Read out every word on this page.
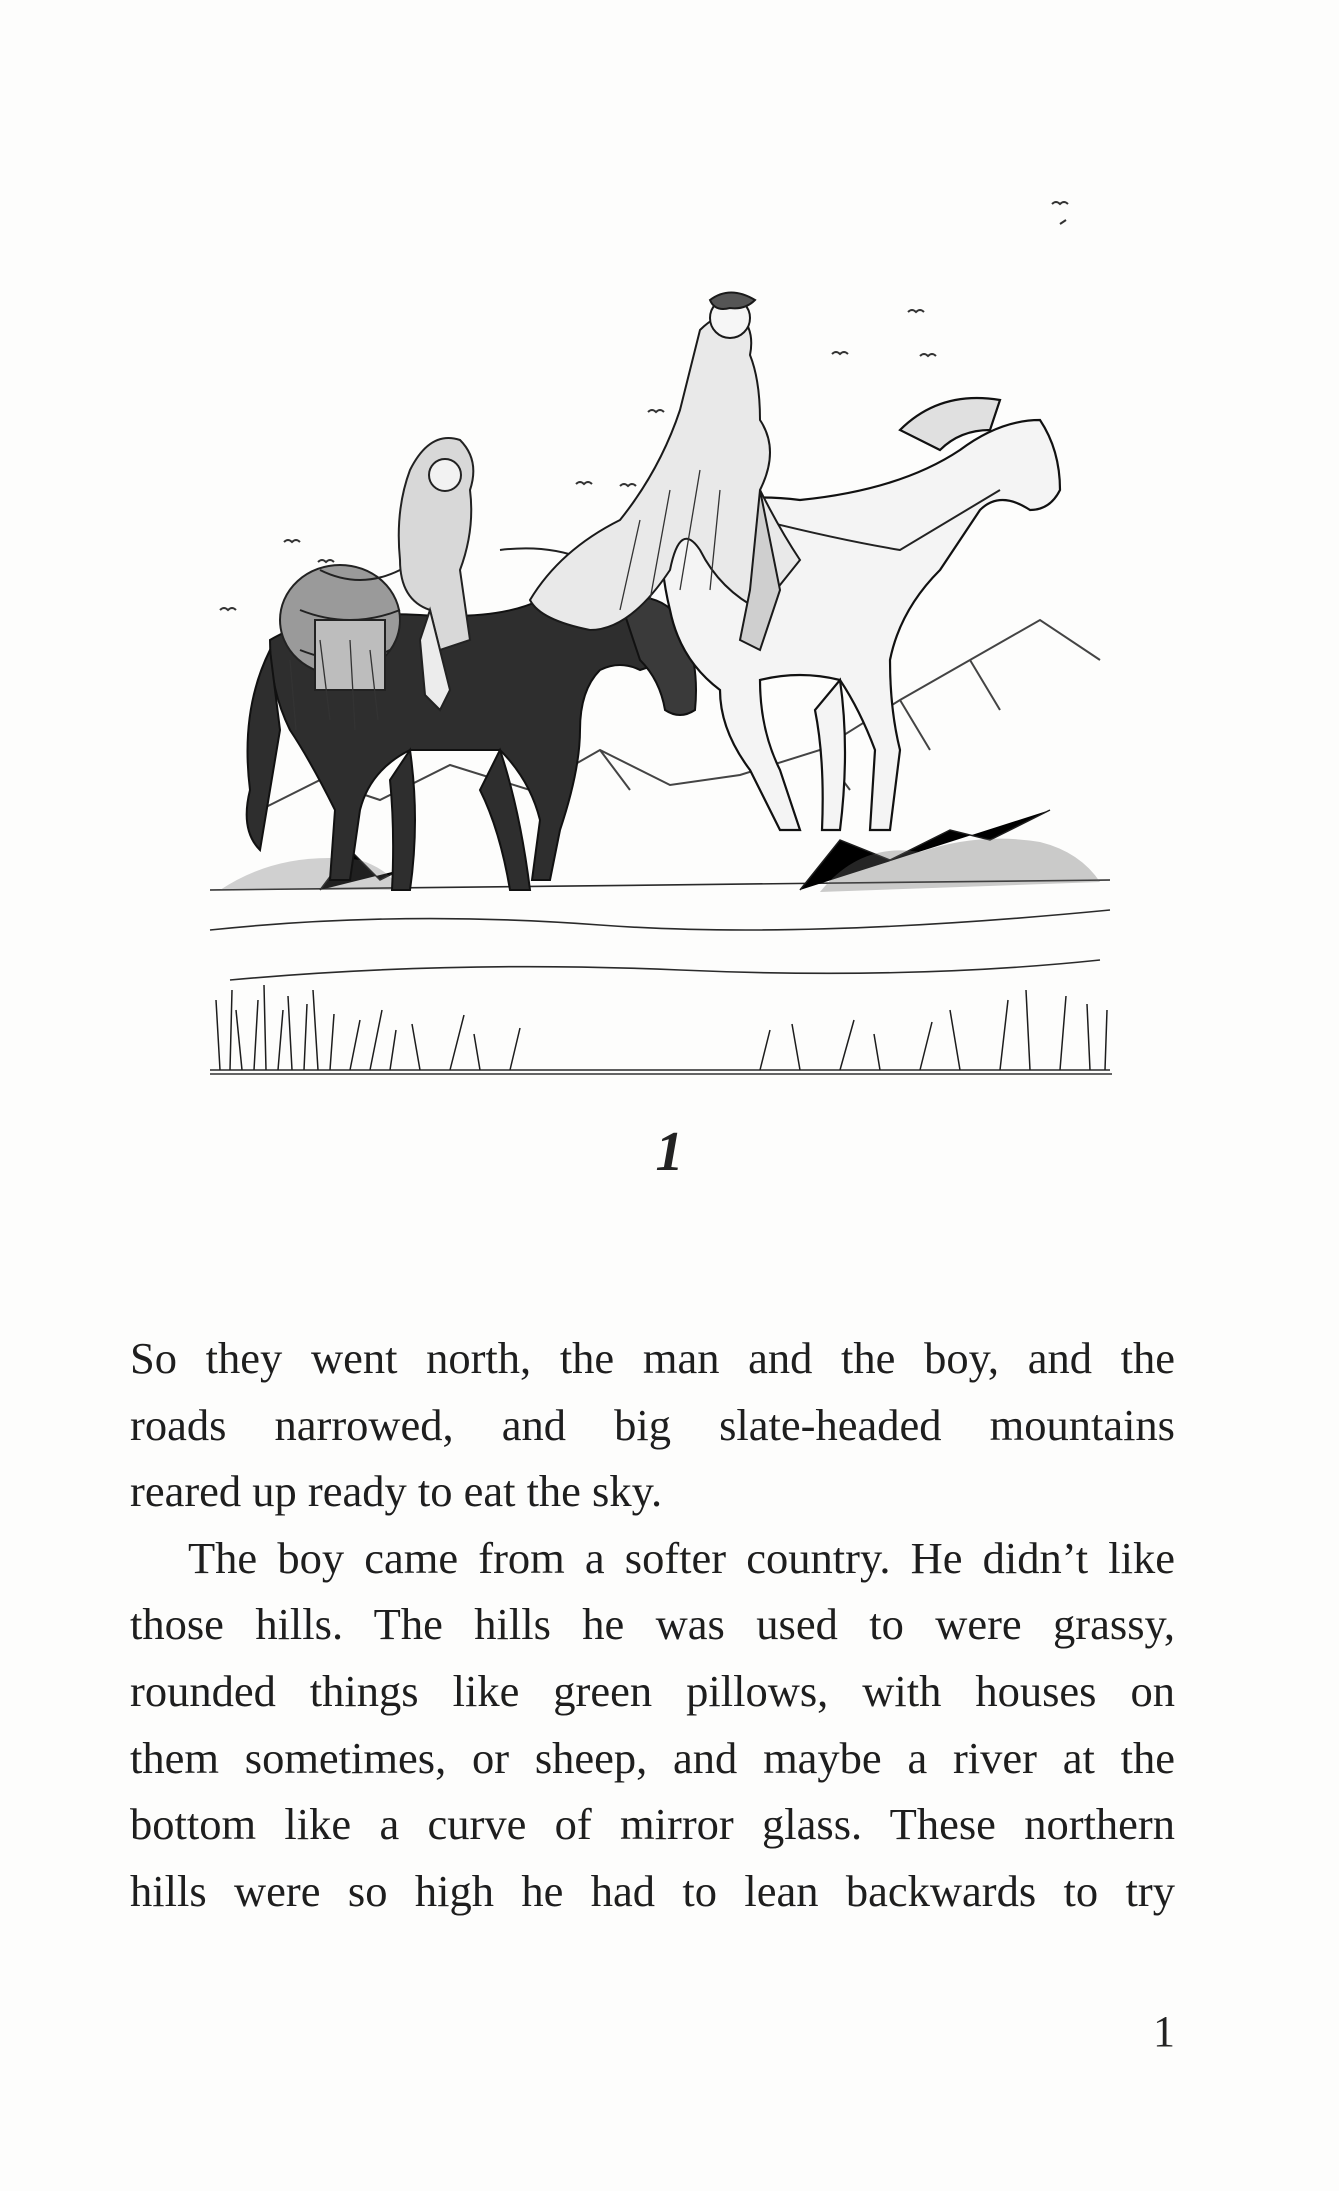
1
So they went north, the man and the boy, and the
roads narrowed, and big slate-headed mountains
reared up ready to eat the sky.
The boy came from a softer country. He didn’t like
those hills. The hills he was used to were grassy,
rounded things like green pillows, with houses on
them sometimes, or sheep, and maybe a river at the
bottom like a curve of mirror glass. These northern
hills were so high he had to lean backwards to try
1
